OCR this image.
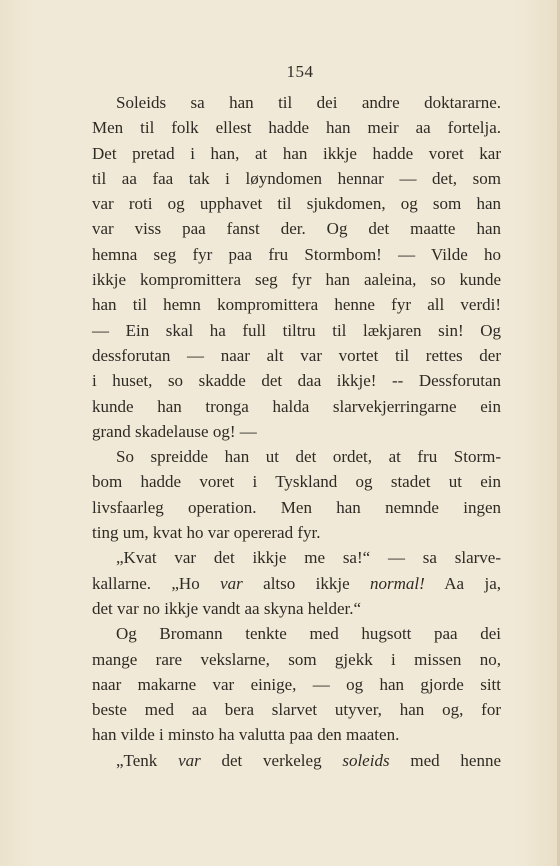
154
Soleids sa han til dei andre doktararne.
Men til folk ellest hadde han meir aa fortelja.
Det pretad i han, at han ikkje hadde voret kar
til aa faa tak i løyndomen hennar — det, som
var roti og upphavet til sjukdomen, og som han
var viss paa fanst der. Og det maatte han
hemna seg fyr paa fru Stormbom! — Vilde ho
ikkje kompromittera seg fyr han aaleina, so kunde
han til hemn kompromittera henne fyr all verdi!
— Ein skal ha full tiltru til lækjaren sin! Og
dessforutan — naar alt var vortet til rettes der
i huset, so skadde det daa ikkje! -- Dessforutan
kunde han tronga halda slarvekjerringarne ein
grand skadelause og! —
So spreidde han ut det ordet, at fru Storm-
bom hadde voret i Tyskland og stadet ut ein
livsfaarleg operation. Men han nemnde ingen
ting um, kvat ho var opererad fyr.
„Kvat var det ikkje me sa!“ — sa slarve-
kallarne. „Ho var altso ikkje normal! Aa ja,
det var no ikkje vandt aa skyna helder.“
Og Bromann tenkte med hugsott paa dei
mange rare vekslarne, som gjekk i missen no,
naar makarne var einige, — og han gjorde sitt
beste med aa bera slarvet utyver, han og, for
han vilde i minsto ha valutta paa den maaten.
„Tenk var det verkeleg soleids med henne
